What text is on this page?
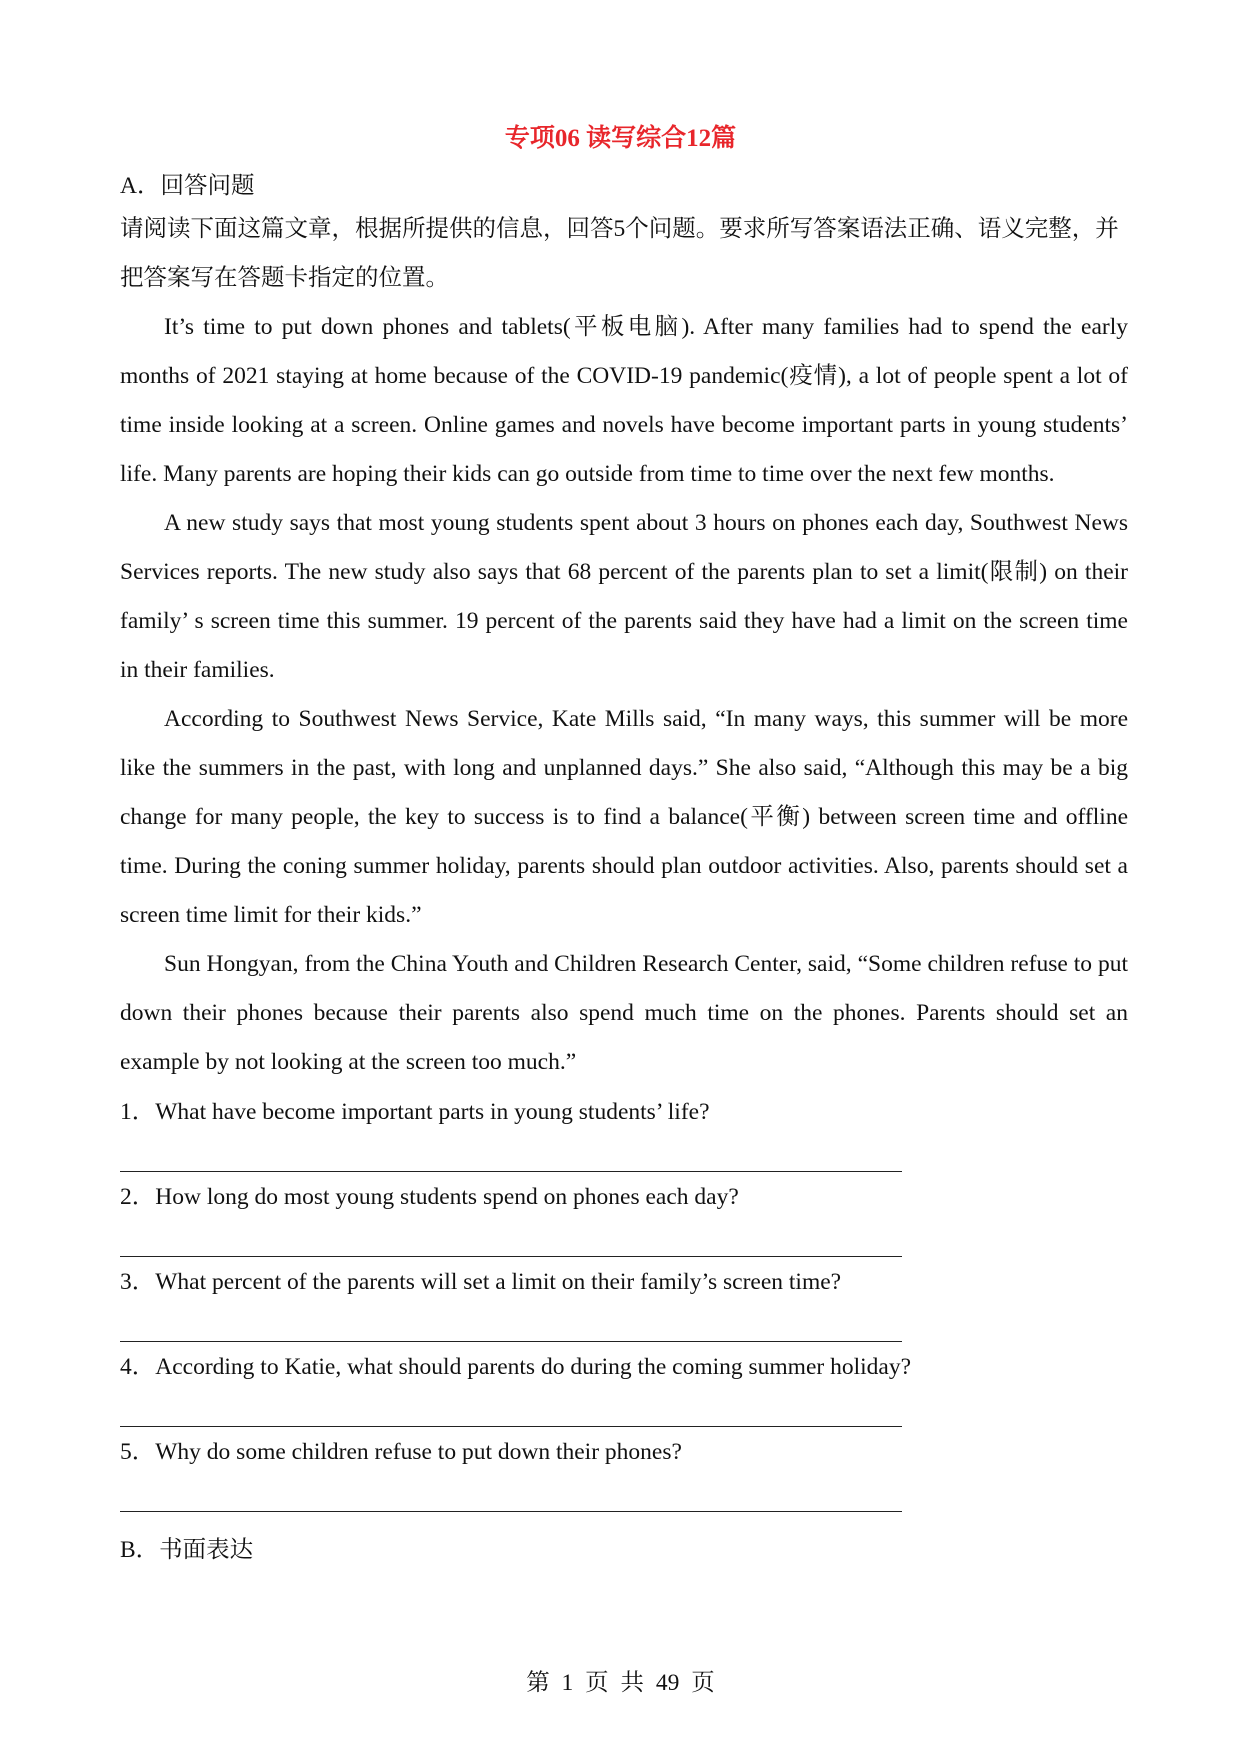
专项06 读写综合12篇
A．回答问题
请阅读下面这篇文章，根据所提供的信息，回答5个问题。要求所写答案语法正确、语义完整，并把答案写在答题卡指定的位置。

It’s time to put down phones and tablets(平板电脑). After many families had to spend the early months of 2021 staying at home because of the COVID-19 pandemic(疫情), a lot of people spent a lot of time inside looking at a screen. Online games and novels have become important parts in young students’ life. Many parents are hoping their kids can go outside from time to time over the next few months.

A new study says that most young students spent about 3 hours on phones each day, Southwest News Services reports. The new study also says that 68 percent of the parents plan to set a limit(限制) on their family’ s screen time this summer. 19 percent of the parents said they have had a limit on the screen time in their families.

According to Southwest News Service, Kate Mills said, “In many ways, this summer will be more like the summers in the past, with long and unplanned days.” She also said, “Although this may be a big change for many people, the key to success is to find a balance(平衡) between screen time and offline time. During the coning summer holiday, parents should plan outdoor activities. Also, parents should set a screen time limit for their kids.”

Sun Hongyan, from the China Youth and Children Research Center, said, “Some children refuse to put down their phones because their parents also spend much time on the phones. Parents should set an example by not looking at the screen too much.”

1．What have become important parts in young students’ life?
2．How long do most young students spend on phones each day?
3．What percent of the parents will set a limit on their family’s screen time?
4．According to Katie, what should parents do during the coming summer holiday?
5．Why do some children refuse to put down their phones?
B．书面表达
第 1 页 共 49 页
